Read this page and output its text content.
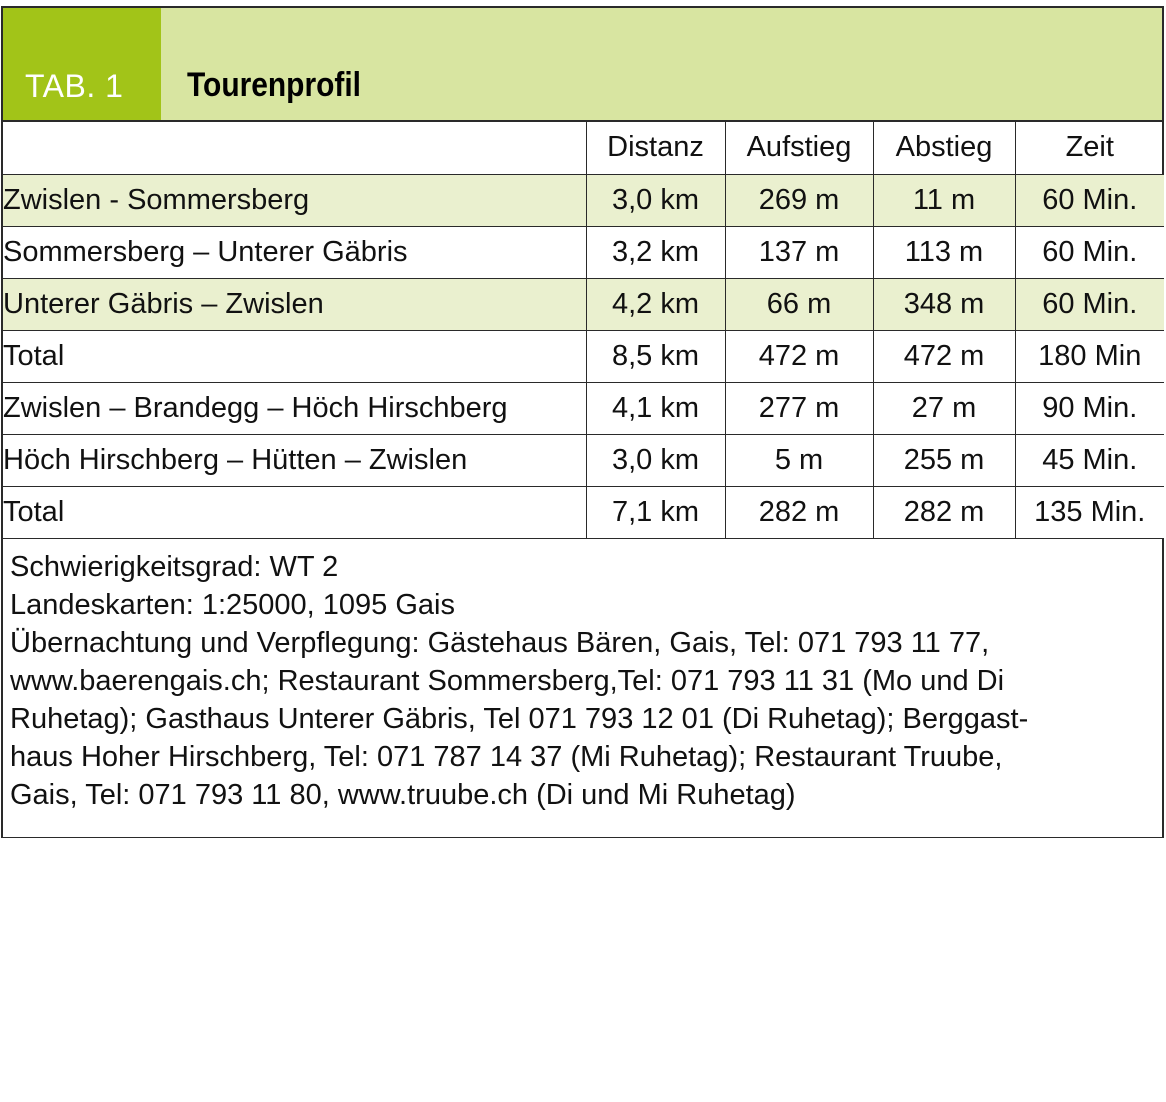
TAB. 1	Tourenprofil
	Distanz	Aufstieg	Abstieg	Zeit
Zwislen - Sommersberg	3,0 km	269 m	11 m	60 Min.
Sommersberg – Unterer Gäbris	3,2 km	137 m	113 m	60 Min.
Unterer Gäbris – Zwislen	4,2 km	66 m	348 m	60 Min.
Total	8,5 km	472 m	472 m	180 Min
Zwislen – Brandegg – Höch Hirschberg	4,1 km	277 m	27 m	90 Min.
Höch Hirschberg – Hütten – Zwislen	3,0 km	5 m	255 m	45 Min.
Total	7,1 km	282 m	282 m	135 Min.

Schwierigkeitsgrad: WT 2

Landeskarten: 1:25000, 1095 Gais

Übernachtung und Verpflegung: Gästehaus Bären, Gais, Tel: 071 793 11 77,

www.baerengais.ch; Restaurant Sommersberg,Tel: 071 793 11 31 (Mo und Di

Ruhetag); Gasthaus Unterer Gäbris, Tel 071 793 12 01 (Di Ruhetag); Berggast-

haus Hoher Hirschberg, Tel: 071 787 14 37 (Mi Ruhetag); Restaurant Truube,

Gais, Tel: 071 793 11 80, www.truube.ch (Di und Mi Ruhetag)
